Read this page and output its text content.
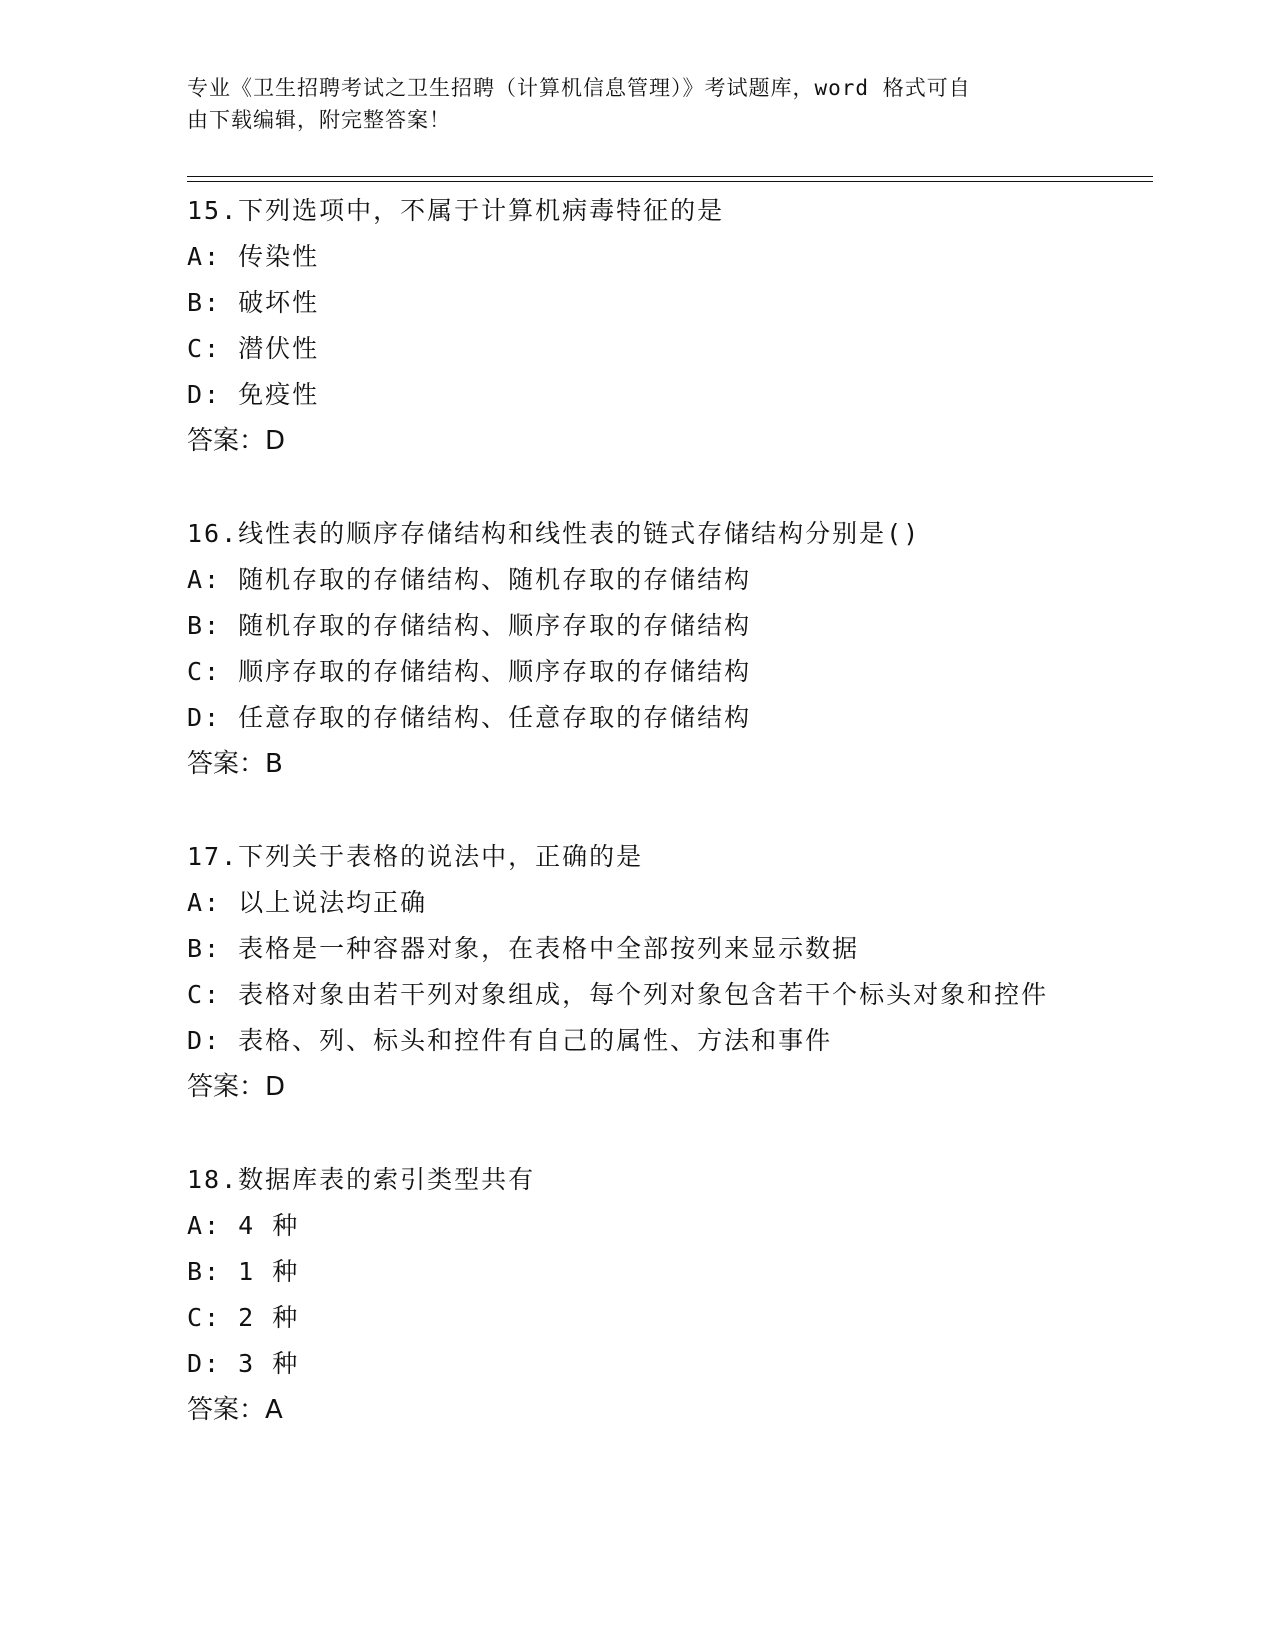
专业《卫生招聘考试之卫生招聘（计算机信息管理）》考试题库，word 格式可自
由下载编辑，附完整答案！
15.下列选项中，不属于计算机病毒特征的是
A: 传染性
B: 破坏性
C: 潜伏性
D: 免疫性
答案：D
16.线性表的顺序存储结构和线性表的链式存储结构分别是()
A: 随机存取的存储结构、随机存取的存储结构
B: 随机存取的存储结构、顺序存取的存储结构
C: 顺序存取的存储结构、顺序存取的存储结构
D: 任意存取的存储结构、任意存取的存储结构
答案：B
17.下列关于表格的说法中，正确的是
A: 以上说法均正确
B: 表格是一种容器对象，在表格中全部按列来显示数据
C: 表格对象由若干列对象组成，每个列对象包含若干个标头对象和控件
D: 表格、列、标头和控件有自己的属性、方法和事件
答案：D
18.数据库表的索引类型共有
A: 4 种
B: 1 种
C: 2 种
D: 3 种
答案：A
